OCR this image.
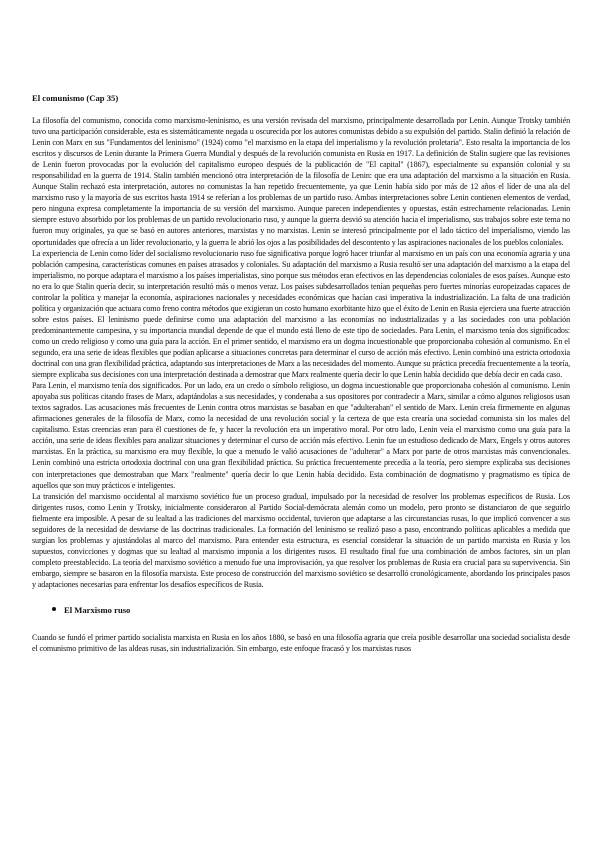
El comunismo (Cap 35)

La filosofía del comunismo, conocida como marxismo-leninismo, es una versión revisada del marxismo, principalmente desarrollada por Lenin. Aunque Trotsky también tuvo una participación considerable, esta es sistemáticamente negada u oscurecida por los autores comunistas debido a su expulsión del partido. Stalin definió la relación de Lenin con Marx en sus "Fundamentos del leninismo" (1924) como "el marxismo en la etapa del imperialismo y la revolución proletaria". Esto resalta la importancia de los escritos y discursos de Lenin durante la Primera Guerra Mundial y después de la revolución comunista en Rusia en 1917. La definición de Stalin sugiere que las revisiones de Lenin fueron provocadas por la evolución del capitalismo europeo después de la publicación de "El capital" (1867), especialmente su expansión colonial y su responsabilidad en la guerra de 1914. Stalin también mencionó otra interpretación de la filosofía de Lenin: que era una adaptación del marxismo a la situación en Rusia. Aunque Stalin rechazó esta interpretación, autores no comunistas la han repetido frecuentemente, ya que Lenin había sido por más de 12 años el líder de una ala del marxismo ruso y la mayoría de sus escritos hasta 1914 se referían a los problemas de un partido ruso. Ambas interpretaciones sobre Lenin contienen elementos de verdad, pero ninguna expresa completamente la importancia de su versión del marxismo. Aunque parecen independientes y opuestas, están estrechamente relacionadas. Lenin siempre estuvo absorbido por los problemas de un partido revolucionario ruso, y aunque la guerra desvió su atención hacia el imperialismo, sus trabajos sobre este tema no fueron muy originales, ya que se basó en autores anteriores, marxistas y no marxistas. Lenin se interesó principalmente por el lado táctico del imperialismo, viendo las oportunidades que ofrecía a un líder revolucionario, y la guerra le abrió los ojos a las posibilidades del descontento y las aspiraciones nacionales de los pueblos coloniales.

La experiencia de Lenin como líder del socialismo revolucionario ruso fue significativa porque logró hacer triunfar al marxismo en un país con una economía agraria y una población campesina, características comunes en países atrasados y coloniales. Su adaptación del marxismo a Rusia resultó ser una adaptación del marxismo a la etapa del imperialismo, no porque adaptara el marxismo a los países imperialistas, sino porque sus métodos eran efectivos en las dependencias coloniales de esos países. Aunque esto no era lo que Stalin quería decir, su interpretación resultó más o menos veraz. Los países subdesarrollados tenían pequeñas pero fuertes minorías europeizadas capaces de controlar la política y manejar la economía, aspiraciones nacionales y necesidades económicas que hacían casi imperativa la industrialización. La falta de una tradición política y organización que actuara como freno contra métodos que exigieran un costo humano exorbitante hizo que el éxito de Lenin en Rusia ejerciera una fuerte atracción sobre estos países. El leninismo puede definirse como una adaptación del marxismo a las economías no industrializadas y a las sociedades con una población predominantemente campesina, y su importancia mundial depende de que el mundo está lleno de este tipo de sociedades. Para Lenin, el marxismo tenía dos significados: como un credo religioso y como una guía para la acción. En el primer sentido, el marxismo era un dogma incuestionable que proporcionaba cohesión al comunismo. En el segundo, era una serie de ideas flexibles que podían aplicarse a situaciones concretas para determinar el curso de acción más efectivo. Lenin combinó una estricta ortodoxia doctrinal con una gran flexibilidad práctica, adaptando sus interpretaciones de Marx a las necesidades del momento. Aunque su práctica precedía frecuentemente a la teoría, siempre explicaba sus decisiones con una interpretación destinada a demostrar que Marx realmente quería decir lo que Lenin había decidido que debía decir en cada caso.

Para Lenin, el marxismo tenía dos significados. Por un lado, era un credo o símbolo religioso, un dogma incuestionable que proporcionaba cohesión al comunismo. Lenin apoyaba sus políticas citando frases de Marx, adaptándolas a sus necesidades, y condenaba a sus opositores por contradecir a Marx, similar a cómo algunos religiosos usan textos sagrados. Las acusaciones más frecuentes de Lenin contra otros marxistas se basaban en que "adulteraban" el sentido de Marx. Lenin creía firmemente en algunas afirmaciones generales de la filosofía de Marx, como la necesidad de una revolución social y la certeza de que esta crearía una sociedad comunista sin los males del capitalismo. Estas creencias eran para él cuestiones de fe, y hacer la revolución era un imperativo moral. Por otro lado, Lenin veía el marxismo como una guía para la acción, una serie de ideas flexibles para analizar situaciones y determinar el curso de acción más efectivo. Lenin fue un estudioso dedicado de Marx, Engels y otros autores marxistas. En la práctica, su marxismo era muy flexible, lo que a menudo le valió acusaciones de "adulterar" a Marx por parte de otros marxistas más convencionales. Lenin combinó una estricta ortodoxia doctrinal con una gran flexibilidad práctica. Su práctica frecuentemente precedía a la teoría, pero siempre explicaba sus decisiones con interpretaciones que demostraban que Marx "realmente" quería decir lo que Lenin había decidido. Esta combinación de dogmatismo y pragmatismo es típica de aquellos que son muy prácticos e inteligentes.

La transición del marxismo occidental al marxismo soviético fue un proceso gradual, impulsado por la necesidad de resolver los problemas específicos de Rusia. Los dirigentes rusos, como Lenin y Trotsky, inicialmente consideraron al Partido Social-demócrata alemán como un modelo, pero pronto se distanciaron de que seguirlo fielmente era imposible. A pesar de su lealtad a las tradiciones del marxismo occidental, tuvieron que adaptarse a las circunstancias rusas, lo que implicó convencer a sus seguidores de la necesidad de desviarse de las doctrinas tradicionales. La formación del leninismo se realizó paso a paso, encontrando políticas aplicables a medida que surgían los problemas y ajustándolas al marco del marxismo. Para entender esta estructura, es esencial considerar la situación de un partido marxista en Rusia y los supuestos, convicciones y dogmas que su lealtad al marxismo imponía a los dirigentes rusos. El resultado final fue una combinación de ambos factores, sin un plan completo preestablecido. La teoría del marxismo soviético a menudo fue una improvisación, ya que resolver los problemas de Rusia era crucial para su supervivencia. Sin embargo, siempre se basaron en la filosofía marxista. Este proceso de construcción del marxismo soviético se desarrolló cronológicamente, abordando los principales pasos y adaptaciones necesarias para enfrentar los desafíos específicos de Rusia.

El Marxismo ruso

Cuando se fundó el primer partido socialista marxista en Rusia en los años 1880, se basó en una filosofía agraria que creía posible desarrollar una sociedad socialista desde el comunismo primitivo de las aldeas rusas, sin industrialización. Sin embargo, este enfoque fracasó y los marxistas rusos
